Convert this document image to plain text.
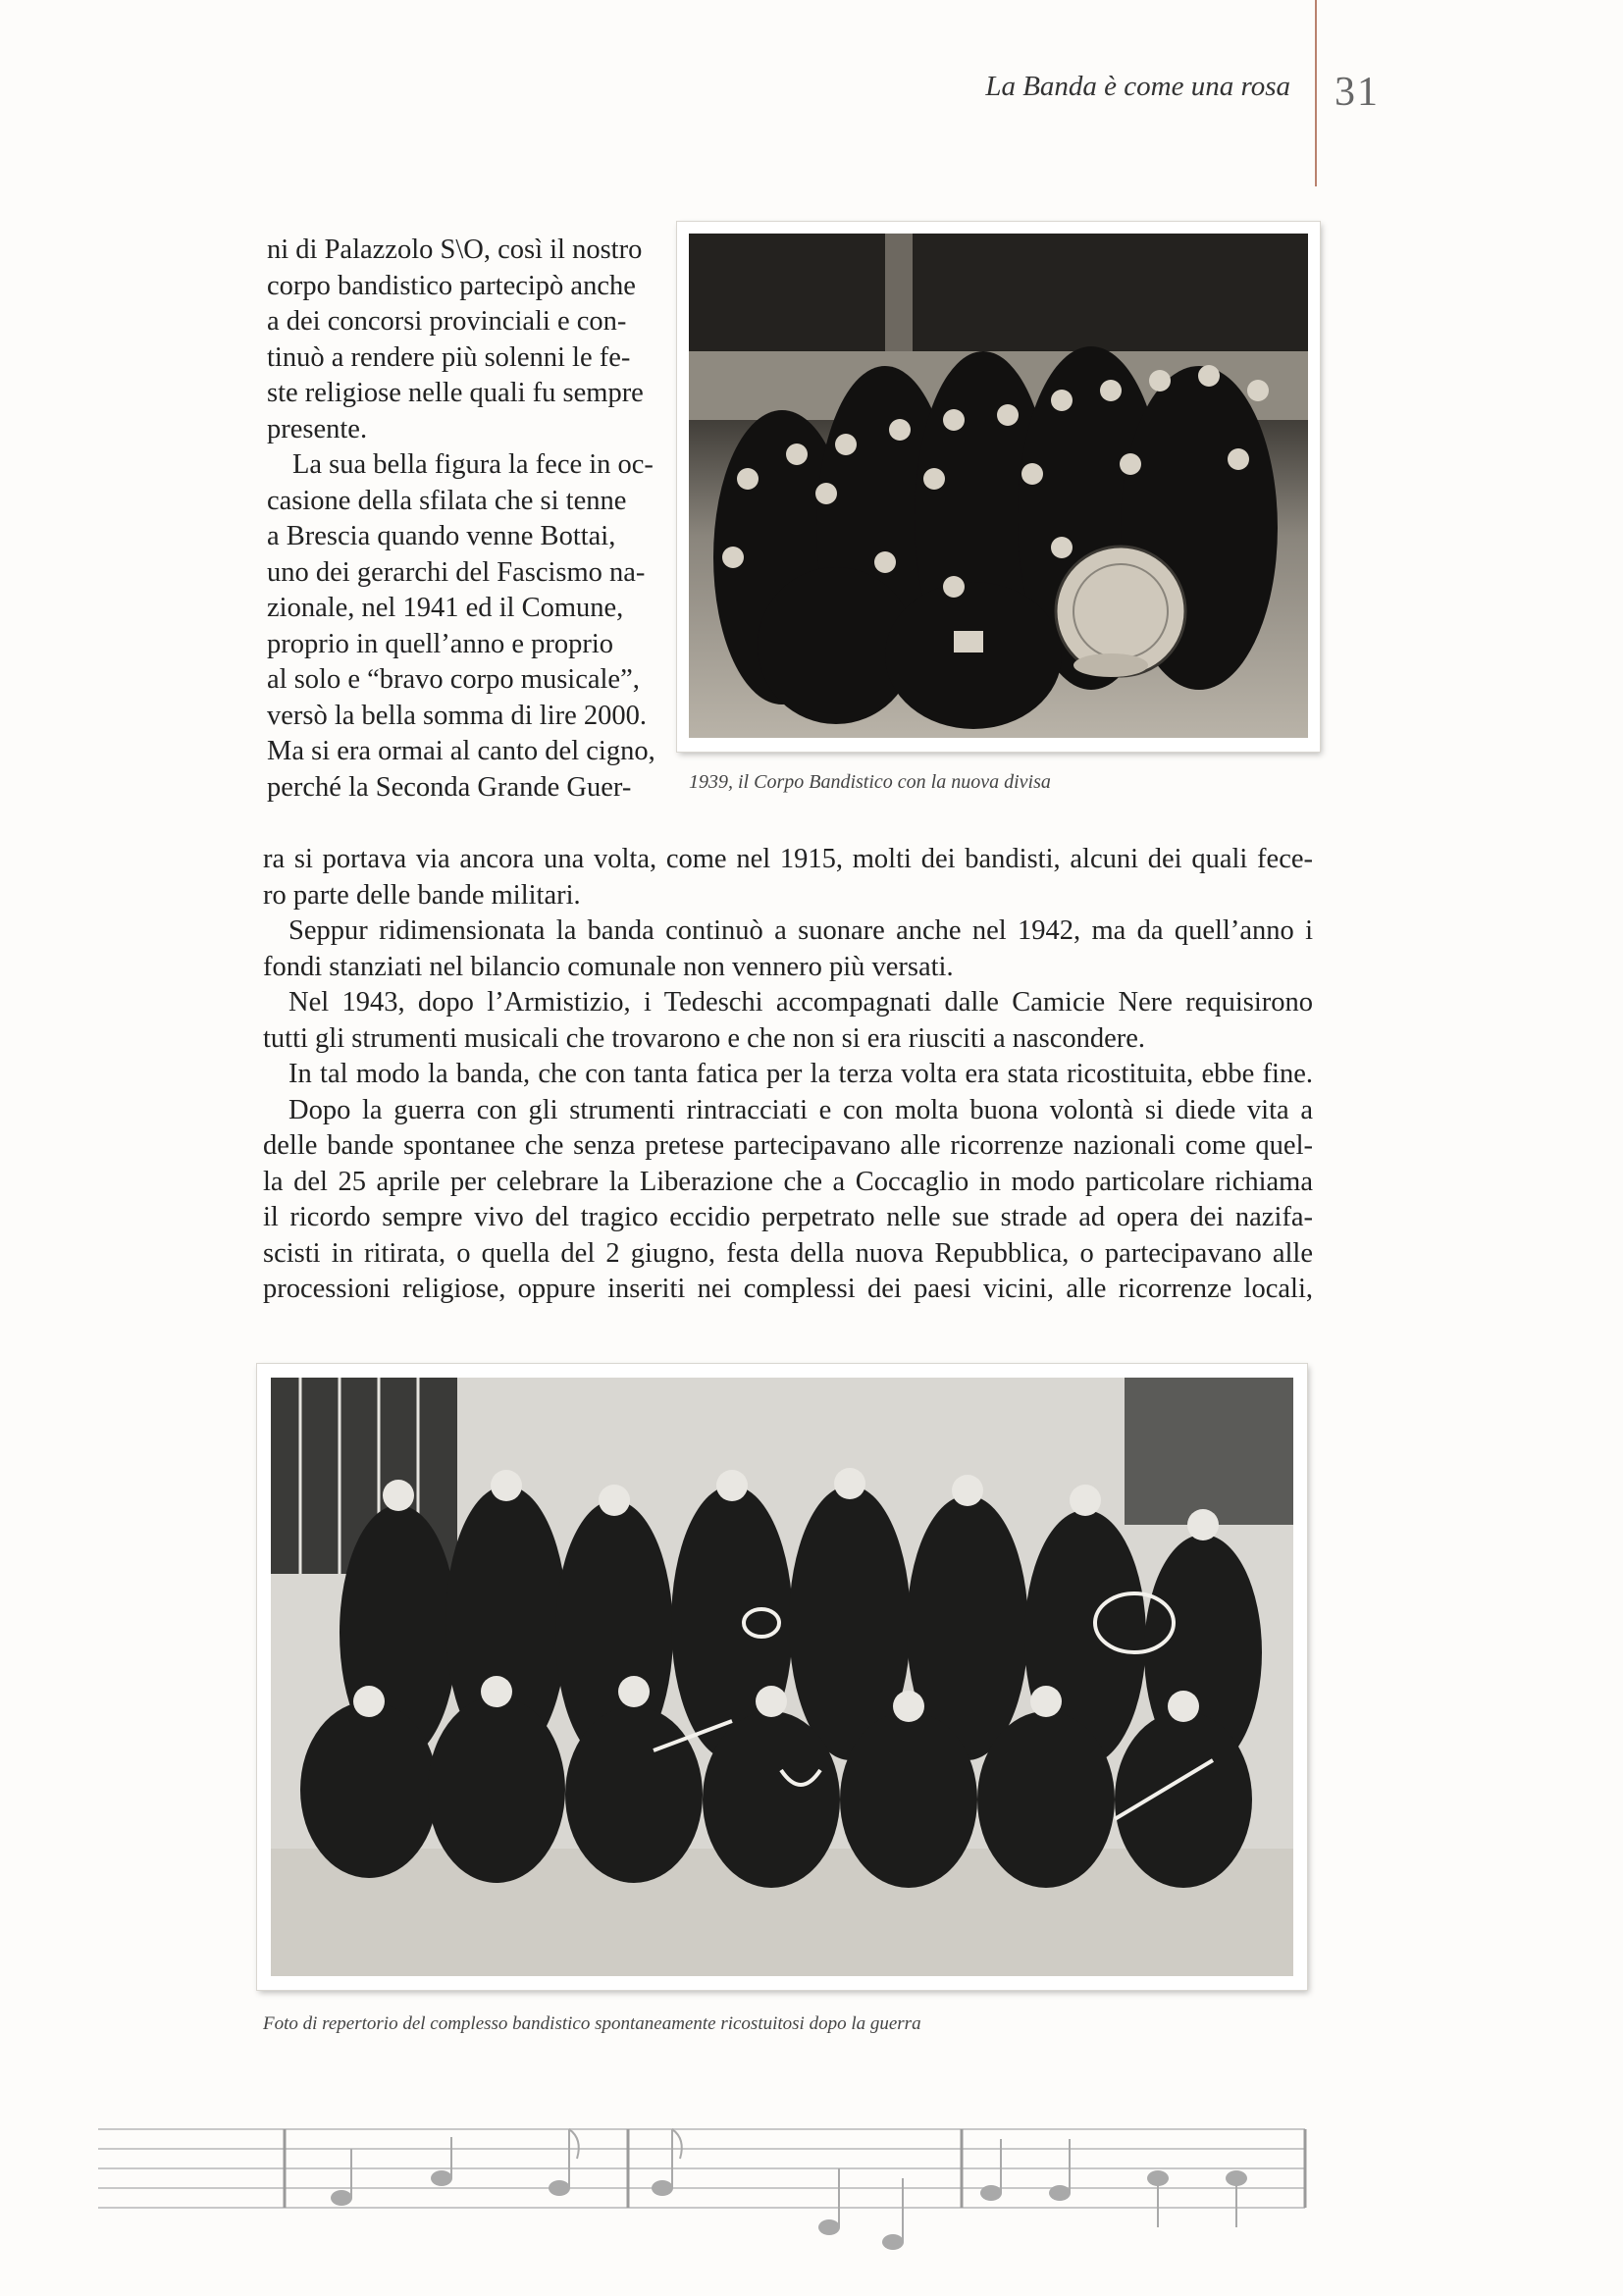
La Banda è come una rosa 31
ni di Palazzolo S\O, così il nostro
corpo bandistico partecipò anche
a dei concorsi provinciali e con-
tinuò a rendere più solenni le fe-
ste religiose nelle quali fu sempre
presente.
La sua bella figura la fece in oc-
casione della sfilata che si tenne
a Brescia quando venne Bottai,
uno dei gerarchi del Fascismo na-
zionale, nel 1941 ed il Comune,
proprio in quell’anno e proprio
al solo e “bravo corpo musicale”,
versò la bella somma di lire 2000.
Ma si era ormai al canto del cigno,
perché la Seconda Grande Guer-	1939, il Corpo Bandistico con la nuova divisa
ra si portava via ancora una volta, come nel 1915, molti dei bandisti, alcuni dei quali fece-
ro parte delle bande militari.
Seppur ridimensionata la banda continuò a suonare anche nel 1942, ma da quell’anno i
fondi stanziati nel bilancio comunale non vennero più versati.
Nel 1943, dopo l’Armistizio, i Tedeschi accompagnati dalle Camicie Nere requisirono
tutti gli strumenti musicali che trovarono e che non si era riusciti a nascondere.
In tal modo la banda, che con tanta fatica per la terza volta era stata ricostituita, ebbe fine.
Dopo la guerra con gli strumenti rintracciati e con molta buona volontà si diede vita a
delle bande spontanee che senza pretese partecipavano alle ricorrenze nazionali come quel-
la del 25 aprile per celebrare la Liberazione che a Coccaglio in modo particolare richiama
il ricordo sempre vivo del tragico eccidio perpetrato nelle sue strade ad opera dei nazifa-
scisti in ritirata, o quella del 2 giugno, festa della nuova Repubblica, o partecipavano alle
processioni religiose, oppure inseriti nei complessi dei paesi vicini, alle ricorrenze locali,
Foto di repertorio del complesso bandistico spontaneamente ricostuitosi dopo la guerra
